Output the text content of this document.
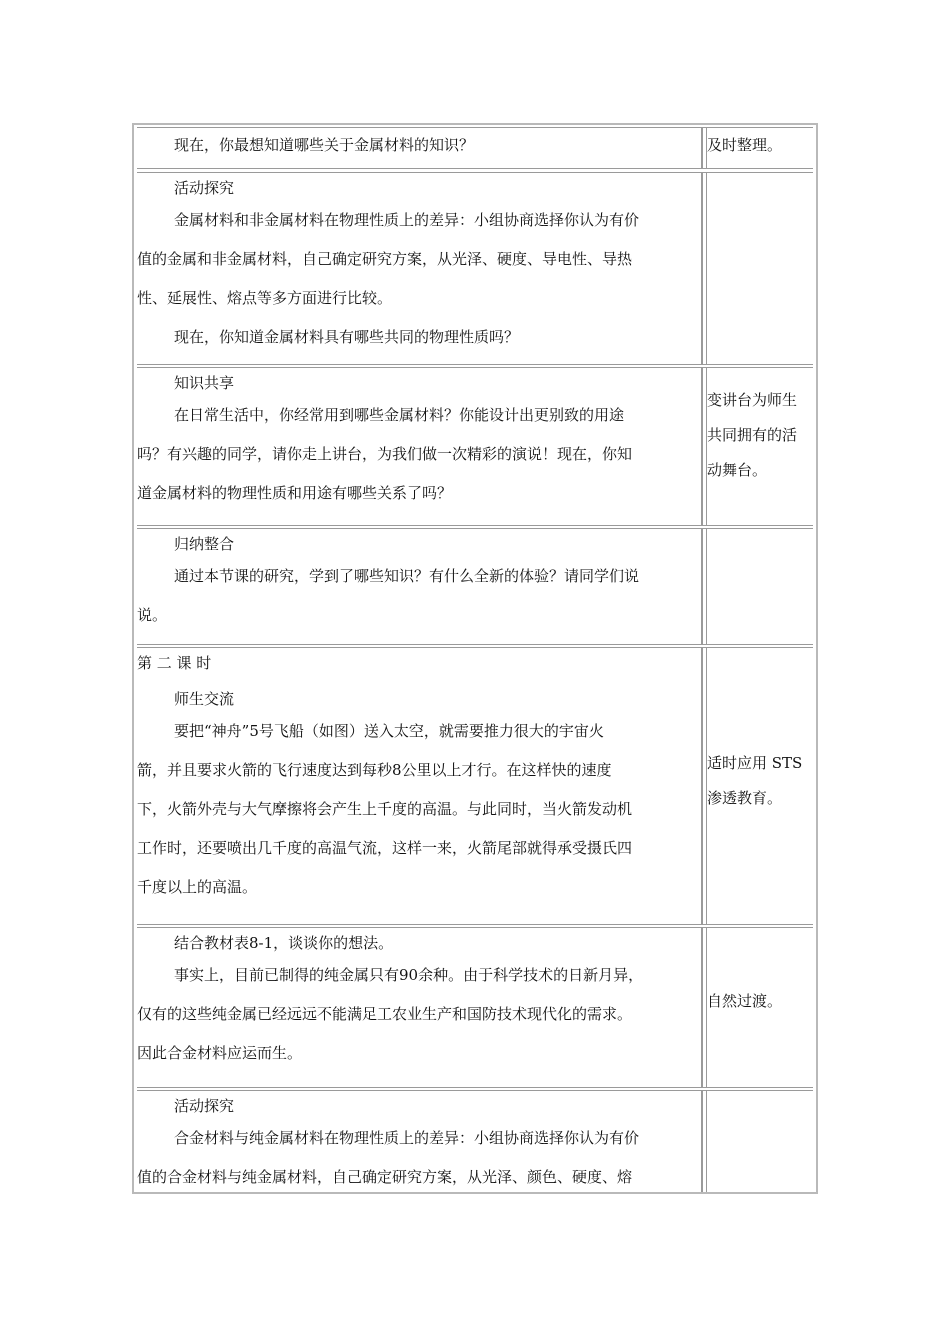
现在，你最想知道哪些关于金属材料的知识？	及时整理。

活动探究

金属材料和非金属材料在物理性质上的差异：小组协商选择你认为有价

值的金属和非金属材料，自己确定研究方案，从光泽、硬度、导电性、导热

性、延展性、熔点等多方面进行比较。

现在，你知道金属材料具有哪些共同的物理性质吗？

知识共享

在日常生活中，你经常用到哪些金属材料？你能设计出更别致的用途

吗？有兴趣的同学，请你走上讲台，为我们做一次精彩的演说！现在，你知

道金属材料的物理性质和用途有哪些关系了吗？

变讲台为师生

共同拥有的活

动舞台。

归纳整合

通过本节课的研究，学到了哪些知识？有什么全新的体验？请同学们说

说。

第 二 课 时

师生交流

要把“神舟”5号飞船（如图）送入太空，就需要推力很大的宇宙火

箭，并且要求火箭的飞行速度达到每秒8公里以上才行。在这样快的速度

下，火箭外壳与大气摩擦将会产生上千度的高温。与此同时，当火箭发动机

工作时，还要喷出几千度的高温气流，这样一来，火箭尾部就得承受摄氏四

千度以上的高温。

适时应用 STS

渗透教育。

结合教材表8-1，谈谈你的想法。

事实上，目前已制得的纯金属只有90余种。由于科学技术的日新月异，

仅有的这些纯金属已经远远不能满足工农业生产和国防技术现代化的需求。

因此合金材料应运而生。

自然过渡。

活动探究

合金材料与纯金属材料在物理性质上的差异：小组协商选择你认为有价

值的合金材料与纯金属材料，自己确定研究方案，从光泽、颜色、硬度、熔
